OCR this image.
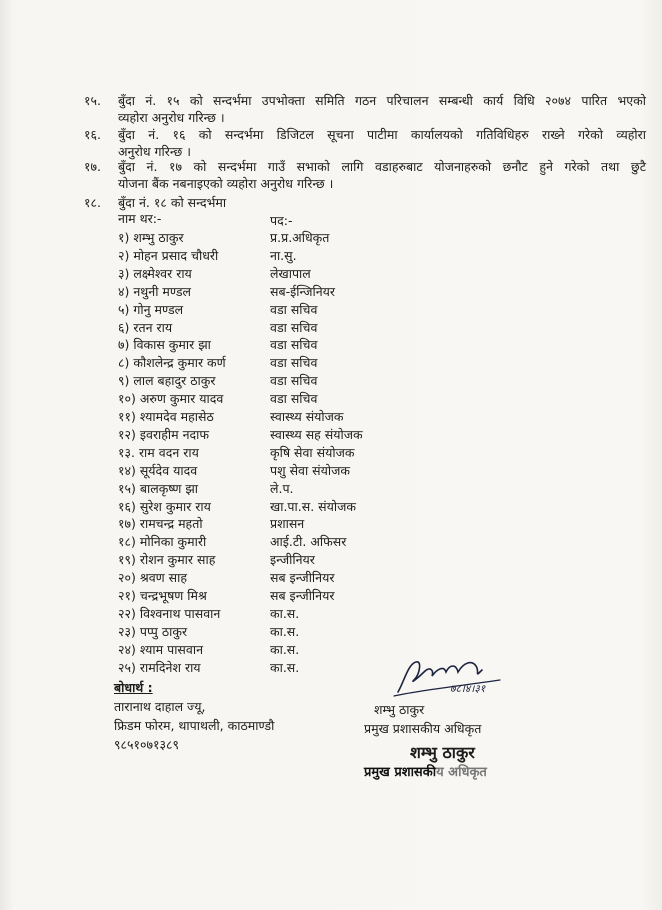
१५.	बुँदा नं. १५ को सन्दर्भमा उपभोक्ता समिति गठन परिचालन सम्बन्धी कार्य विधि २०७४ पारित भएको
व्यहोरा अनुरोध गरिन्छ ।
१६.	बुँदा नं. १६ को सन्दर्भमा डिजिटल सूचना पाटीमा कार्यालयको गतिविधिहरु राख्ने गरेको व्यहोरा
अनुरोध गरिन्छ ।
१७.	बुँदा नं. १७ को सन्दर्भमा गाउँ सभाको लागि वडाहरुबाट योजनाहरुको छनौट हुने गरेको तथा छुटै
योजना बैंक नबनाइएको व्यहोरा अनुरोध गरिन्छ ।
१८.	बुँदा नं. १८ को सन्दर्भमा
नाम थर:-	पद:-
१) शम्भु ठाकुर	प्र.प्र.अधिकृत
२) मोहन प्रसाद चौधरी	ना.सु.
३) लक्ष्मेश्वर राय	लेखापाल
४) नथुनी मण्डल	सब-ईन्जिनियर
५) गोनु मण्डल	वडा सचिव
६) रतन राय	वडा सचिव
७) विकास कुमार झा	वडा सचिव
८) कौशलेन्द्र कुमार कर्ण	वडा सचिव
९) लाल बहादुर ठाकुर	वडा सचिव
१०) अरुण कुमार यादव	वडा सचिव
११) श्यामदेव महासेठ	स्वास्थ्य संयोजक
१२) इवराहीम नदाफ	स्वास्थ्य सह संयोजक
१३. राम वदन राय	कृषि सेवा संयोजक
१४) सूर्यदेव यादव	पशु सेवा संयोजक
१५) बालकृष्ण झा	ले.प.
१६) सुरेश कुमार राय	खा.पा.स. संयोजक
१७) रामचन्द्र महतो	प्रशासन
१८) मोनिका कुमारी	आई.टी. अफिसर
१९) रोशन कुमार साह	इन्जीनियर
२०) श्रवण साह	सब इन्जीनियर
२१) चन्द्रभूषण मिश्र	सब इन्जीनियर
२२) विश्वनाथ पासवान	का.स.
२३) पप्पु ठाकुर	का.स.
२४) श्याम पासवान	का.स.
२५) रामदिनेश राय	का.स.
बोधार्थ :
तारानाथ दाहाल ज्यू,
फ्रिडम फोरम, थापाथली, काठमाण्डौ
९८५१०७१३८९
७८।४।३१
शम्भु ठाकुर
प्रमुख प्रशासकीय अधिकृत
शम्भु ठाकुर
प्रमुख प्रशासकीय अधिकृत
